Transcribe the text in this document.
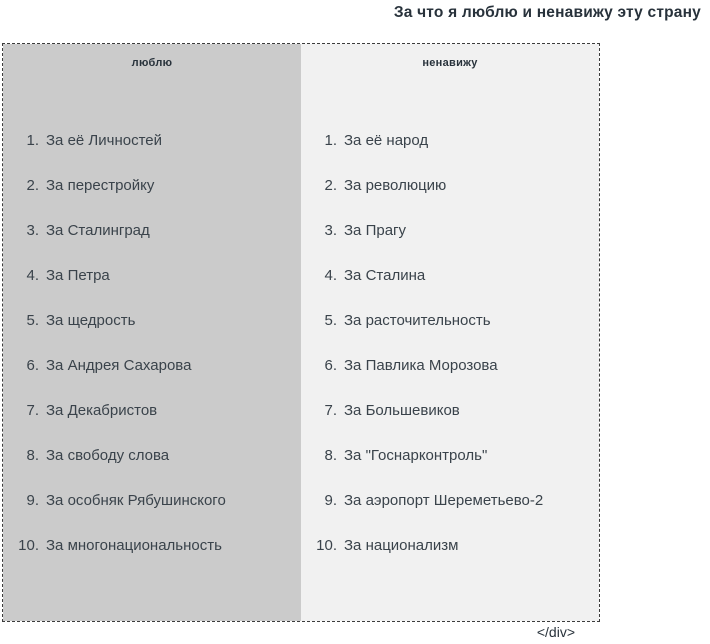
За что я люблю и ненавижу эту страну
люблю
1. За её Личностей
2. За перестройку
3. За Сталинград
4. За Петра
5. За щедрость
6. За Андрея Сахарова
7. За Декабристов
8. За свободу слова
9. За особняк Рябушинского
10. За многонациональность
ненавижу
1. За её народ
2. За революцию
3. За Прагу
4. За Сталина
5. За расточительность
6. За Павлика Морозова
7. За Большевиков
8. За "Госнарконтроль"
9. За аэропорт Шереметьево-2
10. За национализм
</div>
